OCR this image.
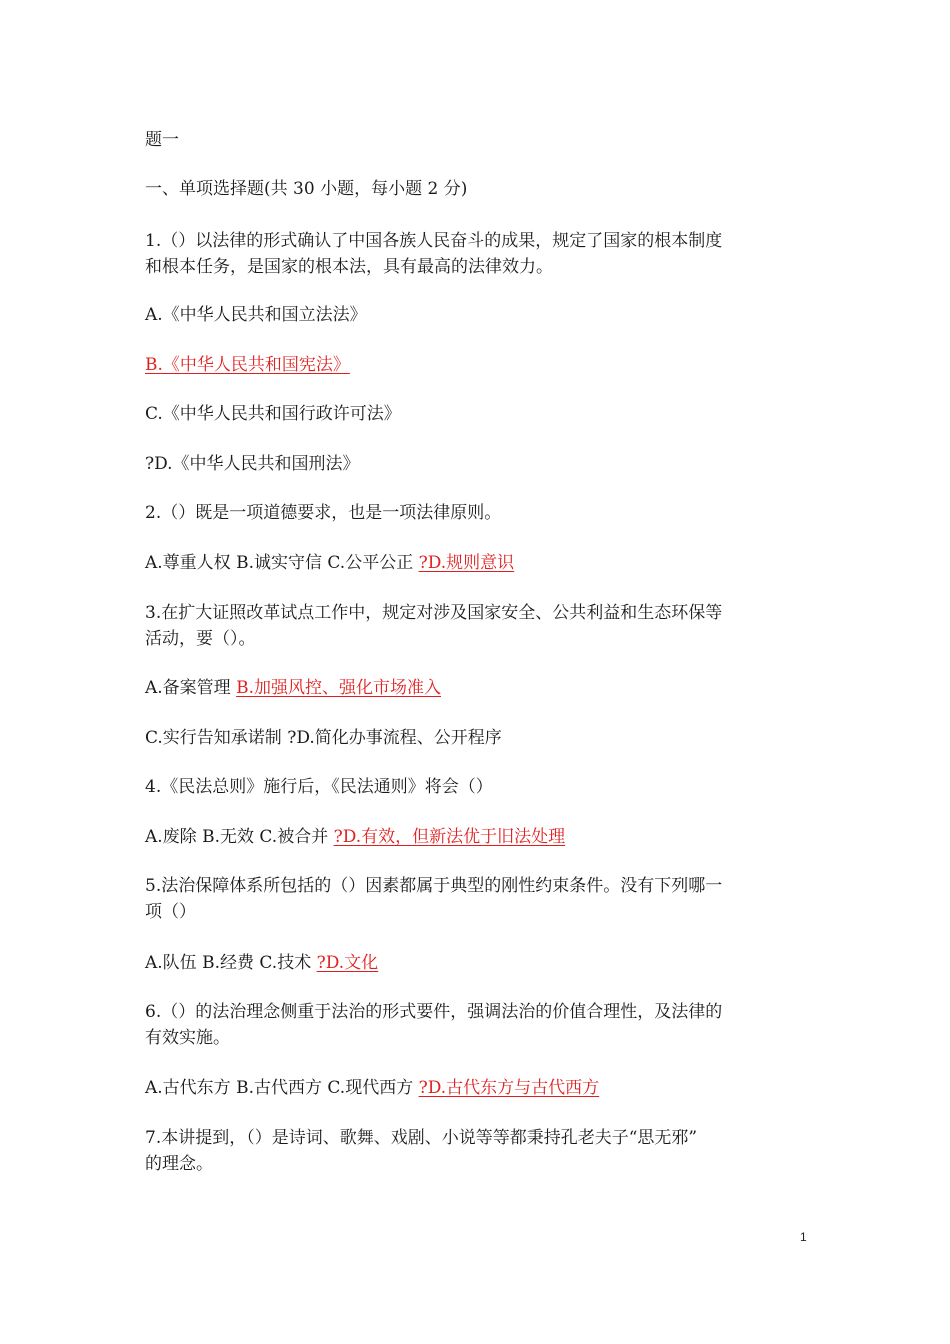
题一
一、单项选择题(共 30 小题，每小题 2 分)
1.（）以法律的形式确认了中国各族人民奋斗的成果，规定了国家的根本制度
和根本任务，是国家的根本法，具有最高的法律效力。
A.《中华人民共和国立法法》
B.《中华人民共和国宪法》
C.《中华人民共和国行政许可法》
?D.《中华人民共和国刑法》
2.（）既是一项道德要求，也是一项法律原则。
A.尊重人权 B.诚实守信 C.公平公正 ?D.规则意识
3.在扩大证照改革试点工作中，规定对涉及国家安全、公共利益和生态环保等
活动，要（）。
A.备案管理 B.加强风控、强化市场准入
C.实行告知承诺制 ?D.简化办事流程、公开程序
4.《民法总则》施行后，《民法通则》将会（）
A.废除 B.无效 C.被合并 ?D.有效，但新法优于旧法处理
5.法治保障体系所包括的（）因素都属于典型的刚性约束条件。没有下列哪一
项（）
A.队伍 B.经费 C.技术 ?D.文化
6.（）的法治理念侧重于法治的形式要件，强调法治的价值合理性，及法律的
有效实施。
A.古代东方 B.古代西方 C.现代西方 ?D.古代东方与古代西方
7.本讲提到，（）是诗词、歌舞、戏剧、小说等等都秉持孔老夫子“思无邪”
的理念。
1
